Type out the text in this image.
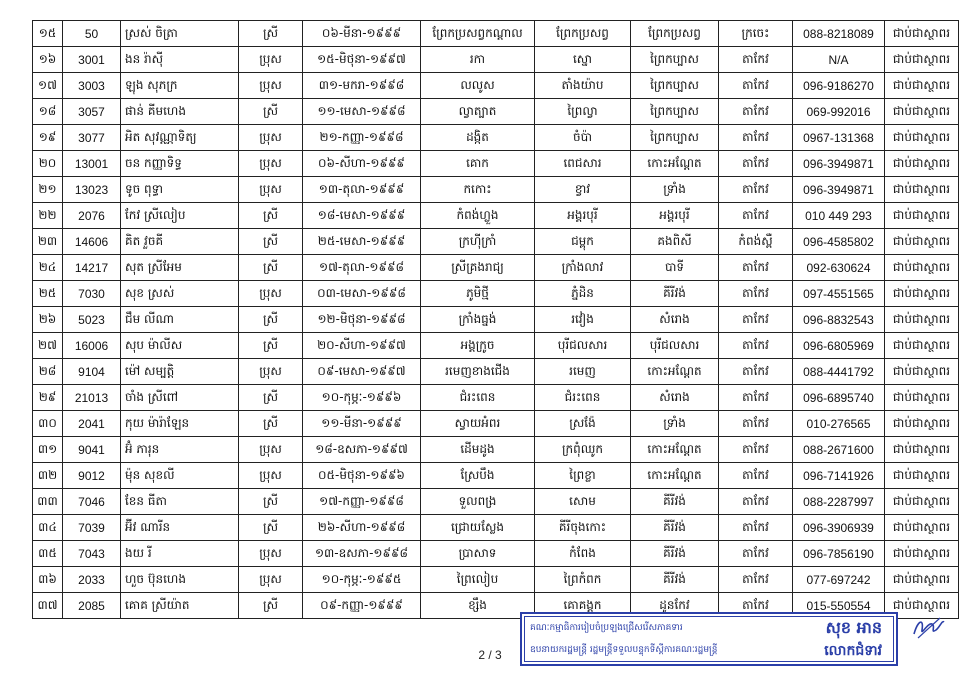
១៥	50	ស្រស់ ចិត្រា	ស្រី	០៦-មីនា-១៩៩៩	ព្រែកប្រសព្វកណ្តាល	ព្រែកប្រសព្វ	ព្រែកប្រសព្វ	ក្រចេះ	088-8218089	ជាប់ជាស្ថាពរ
១៦	3001	ងន រ៉ាស៊ី	ប្រុស	១៥-មិថុនា-១៩៩៧	រកា	ស្នោ	ព្រៃកប្បាស	តាកែវ	N/A	ជាប់ជាស្ថាពរ
១៧	3003	ឡុង សុភក្រ	ប្រុស	៣១-មករា-១៩៩៨	លលូស	តាំងយ៉ាប	ព្រៃកប្បាស	តាកែវ	096-9186270	ជាប់ជាស្ថាពរ
១៨	3057	ផាន់ គីមហេង	ស្រី	១១-មេសា-១៩៩៨	ល្វាត្បាត	ព្រៃល្វា	ព្រៃកប្បាស	តាកែវ	069-992016	ជាប់ជាស្ថាពរ
១៩	3077	អិត សុវណ្ណាទិត្យ	ប្រុស	២១-កញ្ញា-១៩៩៨	ដង្កិត	ចំប៉ា	ព្រៃកប្បាស	តាកែវ	0967-131368	ជាប់ជាស្ថាពរ
២០	13001	ចន កញ្ញាទិទ្ធ	ប្រុស	០៦-សីហា-១៩៩៩	គោក	ពេជសារ	កោះអណ្តែត	តាកែវ	096-3949871	ជាប់ជាស្ថាពរ
២១	13023	ទូច ពុទ្ធា	ប្រុស	១៣-តុលា-១៩៩៩	កកោះ	ខ្វាវ	ទ្រាំង	តាកែវ	096-3949871	ជាប់ជាស្ថាពរ
២២	2076	កែវ ស្រីលៀប	ស្រី	១៨-មេសា-១៩៩៩	កំពង់ហ្លួង	អង្គរបុរី	អង្គរបុរី	តាកែវ	010 449 293	ជាប់ជាស្ថាពរ
២៣	14606	គិត វួចគី	ស្រី	២៥-មេសា-១៩៩៩	ក្រហ៊ីក្រាំ	ជម្ពុក	គងពិសី	កំពង់ស្ពឺ	096-4585802	ជាប់ជាស្ថាពរ
២៤	14217	សុត ស្រីអែម	ស្រី	១៧-តុលា-១៩៩៨	ស្រីគ្រងរាជ្យ	ក្រាំងលាវ	បាទី	តាកែវ	092-630624	ជាប់ជាស្ថាពរ
២៥	7030	សុខ ស្រស់	ប្រុស	០៣-មេសា-១៩៩៨	ភូមិថ្មី	ភ្នំដិន	គីរីវង់	តាកែវ	097-4551565	ជាប់ជាស្ថាពរ
២៦	5023	ជឹម លីណា	ស្រី	១២-មិថុនា-១៩៩៨	ក្រាំងធ្នង់	រវៀង	សំរោង	តាកែវ	096-8832543	ជាប់ជាស្ថាពរ
២៧	16006	សុប ម៉ាលីស	ស្រី	២០-សីហា-១៩៩៧	អង្គក្រូច	បុរីជលសារ	បុរីជលសារ	តាកែវ	096-6805969	ជាប់ជាស្ថាពរ
២៨	9104	ម៉ៅ សម្បត្តិ	ប្រុស	០៩-មេសា-១៩៩៧	រមេញខាងជើង	រមេញ	កោះអណ្តែត	តាកែវ	088-4441792	ជាប់ជាស្ថាពរ
២៩	21013	ចាំង ស្រីពៅ	ស្រី	១០-កុម្ភៈ-១៩៩៦	ជំរះពេន	ជំរះពេន	សំរោង	តាកែវ	096-6895740	ជាប់ជាស្ថាពរ
៣០	2041	កុយ ម៉ារ៉ាឡែន	ស្រី	១១-មីនា-១៩៩៩	ស្វាយអំពរ	ស្រង៉ែ	ទ្រាំង	តាកែវ	010-276565	ជាប់ជាស្ថាពរ
៣១	9041	អ៊ំ ភារុន	ប្រុស	១៨-ឧសភា-១៩៩៧	ដើមដូង	ក្រពុំឈូក	កោះអណ្តែត	តាកែវ	088-2671600	ជាប់ជាស្ថាពរ
៣២	9012	ម៉ុន សុខលី	ប្រុស	០៥-មិថុនា-១៩៩៦	ស្រែបឹង	ព្រៃខ្លា	កោះអណ្តែត	តាកែវ	096-7141926	ជាប់ជាស្ថាពរ
៣៣	7046	ខែន ធីតា	ស្រី	១៧-កញ្ញា-១៩៩៨	ទួលពង្រ	សោម	គីរីវង់	តាកែវ	088-2287997	ជាប់ជាស្ថាពរ
៣៤	7039	អ៊ីវ ណារីន	ស្រី	២៦-សីហា-១៩៩៨	ជ្រោយស្លែង	គីរីចុងកោះ	គីរីវង់	តាកែវ	096-3906939	ជាប់ជាស្ថាពរ
៣៥	7043	ងយ រី	ប្រុស	១៣-ឧសភា-១៩៩៨	ប្រាសាទ	កំពែង	គីរីវង់	តាកែវ	096-7856190	ជាប់ជាស្ថាពរ
៣៦	2033	ហួច ប៊ុនហេង	ប្រុស	១០-កុម្ភៈ-១៩៩៥	ព្រៃលៀប	ព្រៃកំពក	គីរីវង់	តាកែវ	077-697242	ជាប់ជាស្ថាពរ
៣៧	2085	គោគ ស្រីយ៉ាត	ស្រី	០៩-កញ្ញា-១៩៩៩	ខ្សឹង	គោគង្គូក	ដូនកែវ	តាកែវ	015-550554	ជាប់ជាស្ថាពរ
2 / 3
គណៈកម្មាធិការរៀបចំប្រឡងជ្រើសរើសភាគទារ
ឧបនាយករដ្ឋមន្ត្រី រដ្ឋមន្ត្រីទទួលបន្ទុកទីស្តីការគណៈរដ្ឋមន្ត្រី
សុខ អាន
លោកជំទាវ
